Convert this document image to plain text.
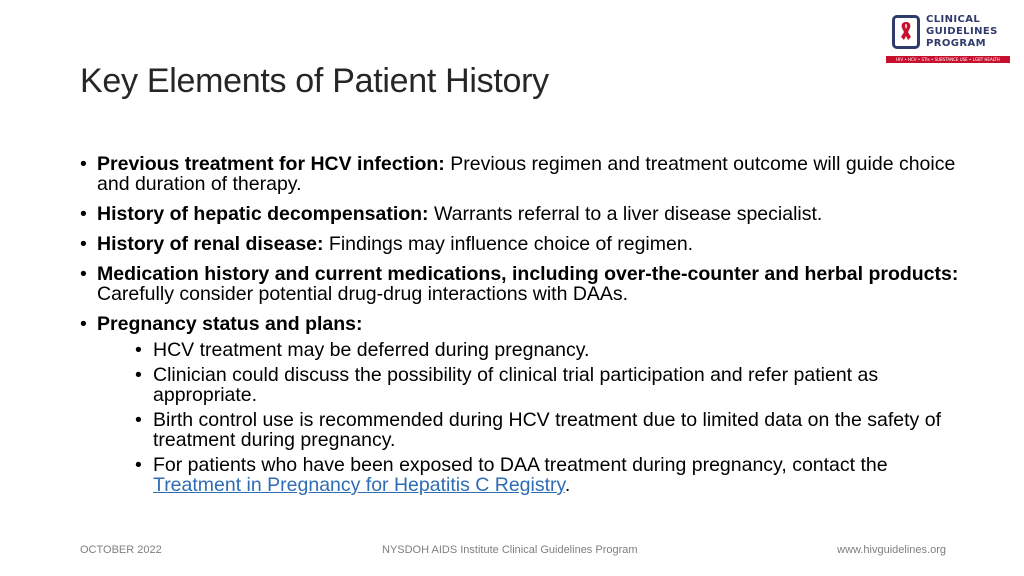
Key Elements of Patient History
CLINICAL
GUIDELINES
PROGRAM
HIV • HCV • STIs • SUBSTANCE USE • LGBT HEALTH
• Previous treatment for HCV infection: Previous regimen and treatment outcome will guide choice and duration of therapy.
• History of hepatic decompensation: Warrants referral to a liver disease specialist.
• History of renal disease: Findings may influence choice of regimen.
• Medication history and current medications, including over-the-counter and herbal products: Carefully consider potential drug-drug interactions with DAAs.
• Pregnancy status and plans:
• HCV treatment may be deferred during pregnancy.
• Clinician could discuss the possibility of clinical trial participation and refer patient as appropriate.
• Birth control use is recommended during HCV treatment due to limited data on the safety of treatment during pregnancy.
• For patients who have been exposed to DAA treatment during pregnancy, contact the Treatment in Pregnancy for Hepatitis C Registry.
OCTOBER 2022	NYSDOH AIDS Institute Clinical Guidelines Program	www.hivguidelines.org
